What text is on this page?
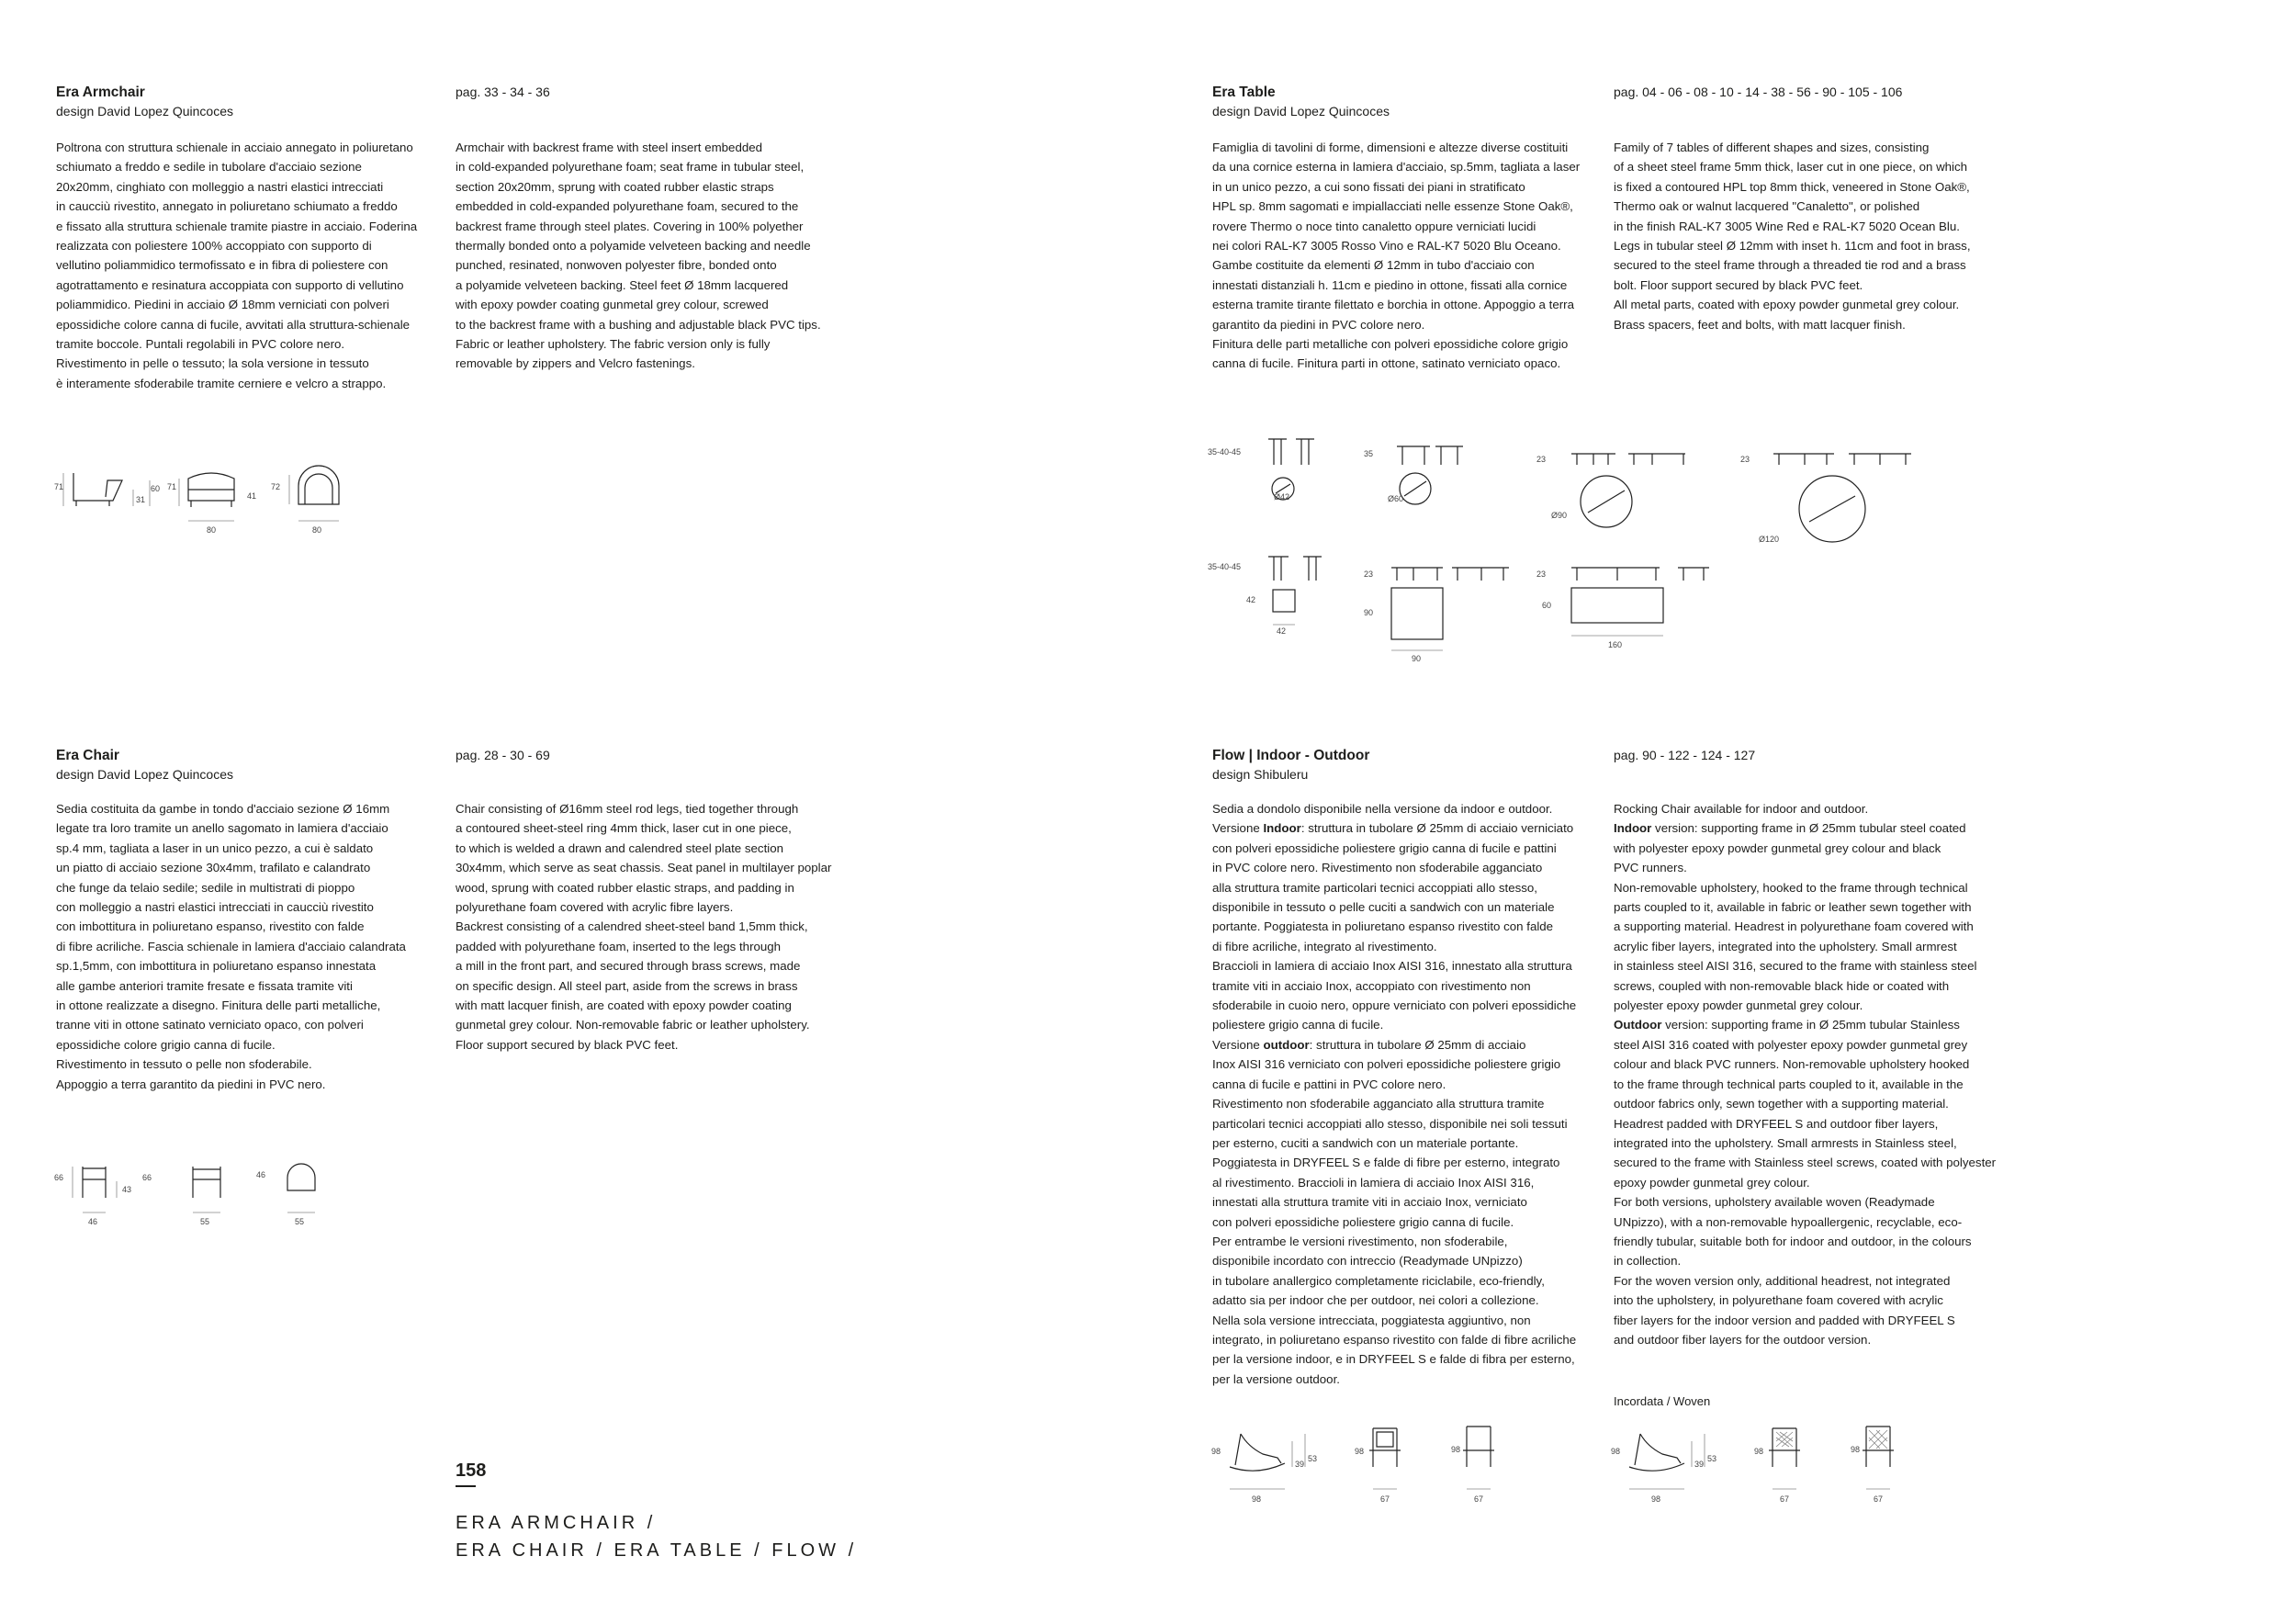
Era Armchair

design David Lopez Quincoces

pag. 33 - 34 - 36

Poltrona con struttura schienale in acciaio annegato in poliuretano
schiumato a freddo e sedile in tubolare d'acciaio sezione
20x20mm, cinghiato con molleggio a nastri elastici intrecciati
in caucciù rivestito, annegato in poliuretano schiumato a freddo
e fissato alla struttura schienale tramite piastre in acciaio. Foderina
realizzata con poliestere 100% accoppiato con supporto di
vellutino poliammidico termofissato e in fibra di poliestere con
agotrattamento e resinatura accoppiata con supporto di vellutino
poliammidico. Piedini in acciaio Ø 18mm verniciati con polveri
epossidiche colore canna di fucile, avvitati alla struttura-schienale
tramite boccole. Puntali regolabili in PVC colore nero.
Rivestimento in pelle o tessuto; la sola versione in tessuto
è interamente sfoderabile tramite cerniere e velcro a strappo.

Armchair with backrest frame with steel insert embedded
in cold-expanded polyurethane foam; seat frame in tubular steel,
section 20x20mm, sprung with coated rubber elastic straps
embedded in cold-expanded polyurethane foam, secured to the
backrest frame through steel plates. Covering in 100% polyether
thermally bonded onto a polyamide velveteen backing and needle
punched, resinated, nonwoven polyester fibre, bonded onto
a polyamide velveteen backing. Steel feet Ø 18mm lacquered
with epoxy powder coating gunmetal grey colour, screwed
to the backrest frame with a bushing and adjustable black PVC tips.
Fabric or leather upholstery. The fabric version only is fully
removable by zippers and Velcro fastenings.

71
31
60 71
41
72
80	80

Era Chair

design David Lopez Quincoces

pag. 28 - 30 - 69

Sedia costituita da gambe in tondo d'acciaio sezione Ø 16mm
legate tra loro tramite un anello sagomato in lamiera d'acciaio
sp.4 mm, tagliata a laser in un unico pezzo, a cui è saldato
un piatto di acciaio sezione 30x4mm, trafilato e calandrato
che funge da telaio sedile; sedile in multistrati di pioppo
con molleggio a nastri elastici intrecciati in caucciù rivestito
con imbottitura in poliuretano espanso, rivestito con falde
di fibre acriliche. Fascia schienale in lamiera d'acciaio calandrata
sp.1,5mm, con imbottitura in poliuretano espanso innestata
alle gambe anteriori tramite fresate e fissata tramite viti
in ottone realizzate a disegno. Finitura delle parti metalliche,
tranne viti in ottone satinato verniciato opaco, con polveri
epossidiche colore grigio canna di fucile.
Rivestimento in tessuto o pelle non sfoderabile.
Appoggio a terra garantito da piedini in PVC nero.

Chair consisting of Ø16mm steel rod legs, tied together through
a contoured sheet-steel ring 4mm thick, laser cut in one piece,
to which is welded a drawn and calendred steel plate section
30x4mm, which serve as seat chassis. Seat panel in multilayer poplar
wood, sprung with coated rubber elastic straps, and padding in
polyurethane foam covered with acrylic fibre layers.
Backrest consisting of a calendred sheet-steel band 1,5mm thick,
padded with polyurethane foam, inserted to the legs through
a mill in the front part, and secured through brass screws, made
on specific design. All steel part, aside from the screws in brass
with matt lacquer finish, are coated with epoxy powder coating
gunmetal grey colour. Non-removable fabric or leather upholstery.
Floor support secured by black PVC feet.

66
43
66
46
46
55	55

Era Table

design David Lopez Quincoces

pag. 04 - 06 - 08 - 10 - 14 - 38 - 56 - 90 - 105 - 106

Famiglia di tavolini di forme, dimensioni e altezze diverse costituiti
da una cornice esterna in lamiera d'acciaio, sp.5mm, tagliata a laser
in un unico pezzo, a cui sono fissati dei piani in stratificato
HPL sp. 8mm sagomati e impiallacciati nelle essenze Stone Oak®,
rovere Thermo o noce tinto canaletto oppure verniciati lucidi
nei colori RAL-K7 3005 Rosso Vino e RAL-K7 5020 Blu Oceano.
Gambe costituite da elementi Ø 12mm in tubo d'acciaio con
innestati distanziali h. 11cm e piedino in ottone, fissati alla cornice
esterna tramite tirante filettato e borchia in ottone. Appoggio a terra
garantito da piedini in PVC colore nero.
Finitura delle parti metalliche con polveri epossidiche colore grigio
canna di fucile. Finitura parti in ottone, satinato verniciato opaco.

Family of 7 tables of different shapes and sizes, consisting
of a sheet steel frame 5mm thick, laser cut in one piece, on which
is fixed a contoured HPL top 8mm thick, veneered in Stone Oak®,
Thermo oak or walnut lacquered "Canaletto", or polished
in the finish RAL-K7 3005 Wine Red e RAL-K7 5020 Ocean Blu.
Legs in tubular steel Ø 12mm with inset h. 11cm and foot in brass,
secured to the steel frame through a threaded tie rod and a brass
bolt. Floor support secured by black PVC feet.
All metal parts, coated with epoxy powder gunmetal grey colour.
Brass spacers, feet and bolts, with matt lacquer finish.

35-40-45
Ø42
35
Ø60
23
Ø90
23
Ø120
35-40-45
42
42
23
90
90
23
60
160

Flow | Indoor - Outdoor

design Shibuleru

pag. 90 - 122 - 124 - 127

Sedia a dondolo disponibile nella versione da indoor e outdoor.
Versione Indoor: struttura in tubolare Ø 25mm di acciaio verniciato
con polveri epossidiche poliestere grigio canna di fucile e pattini
in PVC colore nero. Rivestimento non sfoderabile agganciato
alla struttura tramite particolari tecnici accoppiati allo stesso,
disponibile in tessuto o pelle cuciti a sandwich con un materiale
portante. Poggiatesta in poliuretano espanso rivestito con falde
di fibre acriliche, integrato al rivestimento.
Braccioli in lamiera di acciaio Inox AISI 316, innestato alla struttura
tramite viti in acciaio Inox, accoppiato con rivestimento non
sfoderabile in cuoio nero, oppure verniciato con polveri epossidiche
poliestere grigio canna di fucile.
Versione outdoor: struttura in tubolare Ø 25mm di acciaio
Inox AISI 316 verniciato con polveri epossidiche poliestere grigio
canna di fucile e pattini in PVC colore nero.
Rivestimento non sfoderabile agganciato alla struttura tramite
particolari tecnici accoppiati allo stesso, disponibile nei soli tessuti
per esterno, cuciti a sandwich con un materiale portante.
Poggiatesta in DRYFEEL S e falde di fibre per esterno, integrato
al rivestimento. Braccioli in lamiera di acciaio Inox AISI 316,
innestati alla struttura tramite viti in acciaio Inox, verniciato
con polveri epossidiche poliestere grigio canna di fucile.
Per entrambe le versioni rivestimento, non sfoderabile,
disponibile incordato con intreccio (Readymade UNpizzo)
in tubolare anallergico completamente riciclabile, eco-friendly,
adatto sia per indoor che per outdoor, nei colori a collezione.
Nella sola versione intrecciata, poggiatesta aggiuntivo, non
integrato, in poliuretano espanso rivestito con falde di fibre acriliche
per la versione indoor, e in DRYFEEL S e falde di fibra per esterno,
per la versione outdoor.

Rocking Chair available for indoor and outdoor.
Indoor version: supporting frame in Ø 25mm tubular steel coated
with polyester epoxy powder gunmetal grey colour and black
PVC runners.
Non-removable upholstery, hooked to the frame through technical
parts coupled to it, available in fabric or leather sewn together with
a supporting material. Headrest in polyurethane foam covered with
acrylic fiber layers, integrated into the upholstery. Small armrest
in stainless steel AISI 316, secured to the frame with stainless steel
screws, coupled with non-removable black hide or coated with
polyester epoxy powder gunmetal grey colour.
Outdoor version: supporting frame in Ø 25mm tubular Stainless
steel AISI 316 coated with polyester epoxy powder gunmetal grey
colour and black PVC runners. Non-removable upholstery hooked
to the frame through technical parts coupled to it, available in the
outdoor fabrics only, sewn together with a supporting material.
Headrest padded with DRYFEEL S and outdoor fiber layers,
integrated into the upholstery. Small armrests in Stainless steel,
secured to the frame with Stainless steel screws, coated with polyester
epoxy powder gunmetal grey colour.
For both versions, upholstery available woven (Readymade
UNpizzo), with a non-removable hypoallergenic, recyclable, eco-
friendly tubular, suitable both for indoor and outdoor, in the colours
in collection.
For the woven version only, additional headrest, not integrated
into the upholstery, in polyurethane foam covered with acrylic
fiber layers for the indoor version and padded with DRYFEEL S
and outdoor fiber layers for the outdoor version.

Incordata / Woven

98
39
53
98	98
98	67	67
98
39
53
98	98
98	67	67
158
ERA ARMCHAIR /
ERA CHAIR / ERA TABLE / FLOW /
